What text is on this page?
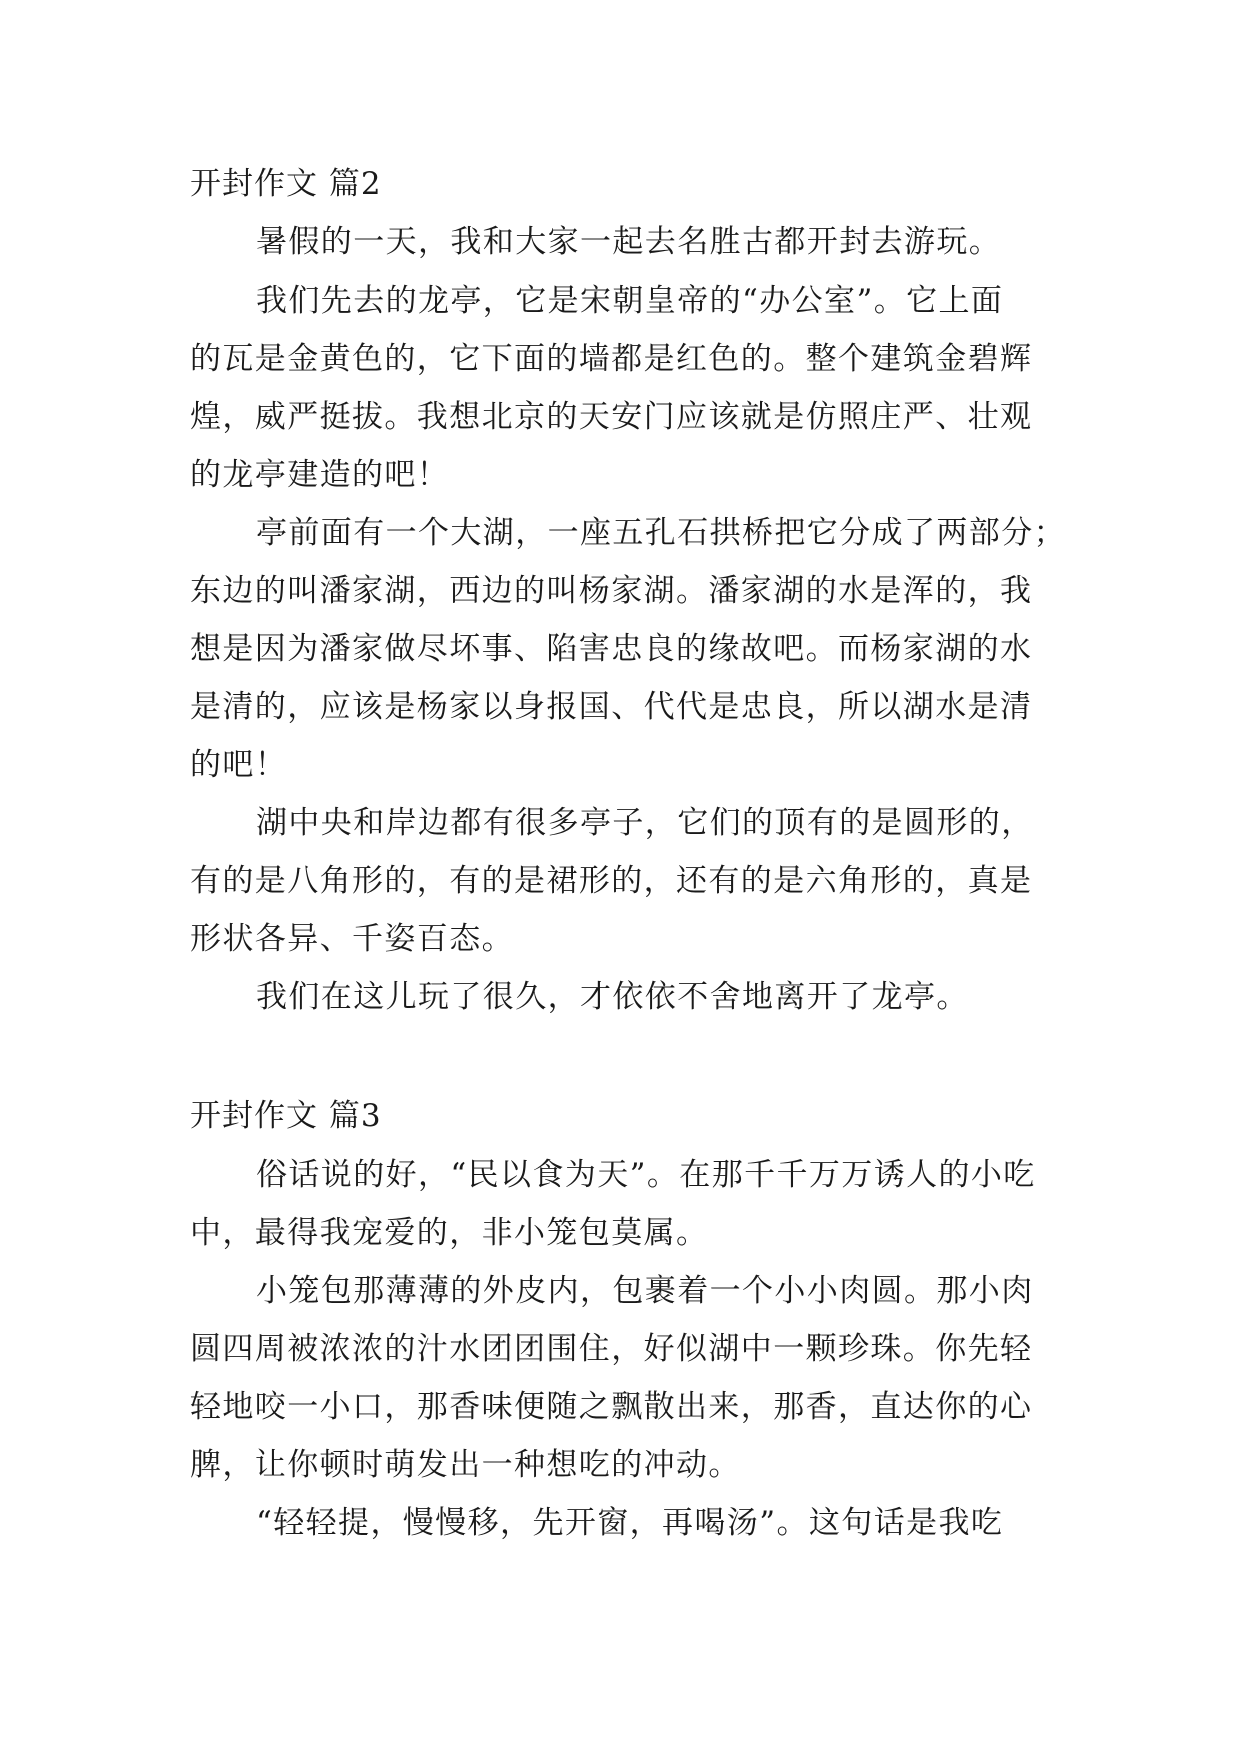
开封作文 篇2

暑假的一天，我和大家一起去名胜古都开封去游玩。

我们先去的龙亭，它是宋朝皇帝的“办公室”。它上面

的瓦是金黄色的，它下面的墙都是红色的。整个建筑金碧辉

煌，威严挺拔。我想北京的天安门应该就是仿照庄严、壮观

的龙亭建造的吧！

亭前面有一个大湖，一座五孔石拱桥把它分成了两部分；

东边的叫潘家湖，西边的叫杨家湖。潘家湖的水是浑的，我

想是因为潘家做尽坏事、陷害忠良的缘故吧。而杨家湖的水

是清的，应该是杨家以身报国、代代是忠良，所以湖水是清

的吧！

湖中央和岸边都有很多亭子，它们的顶有的是圆形的，

有的是八角形的，有的是裙形的，还有的是六角形的，真是

形状各异、千姿百态。

我们在这儿玩了很久，才依依不舍地离开了龙亭。

开封作文 篇3

俗话说的好，“民以食为天”。在那千千万万诱人的小吃

中，最得我宠爱的，非小笼包莫属。

小笼包那薄薄的外皮内，包裹着一个小小肉圆。那小肉

圆四周被浓浓的汁水团团围住，好似湖中一颗珍珠。你先轻

轻地咬一小口，那香味便随之飘散出来，那香，直达你的心

脾，让你顿时萌发出一种想吃的冲动。

“轻轻提，慢慢移，先开窗，再喝汤”。这句话是我吃
